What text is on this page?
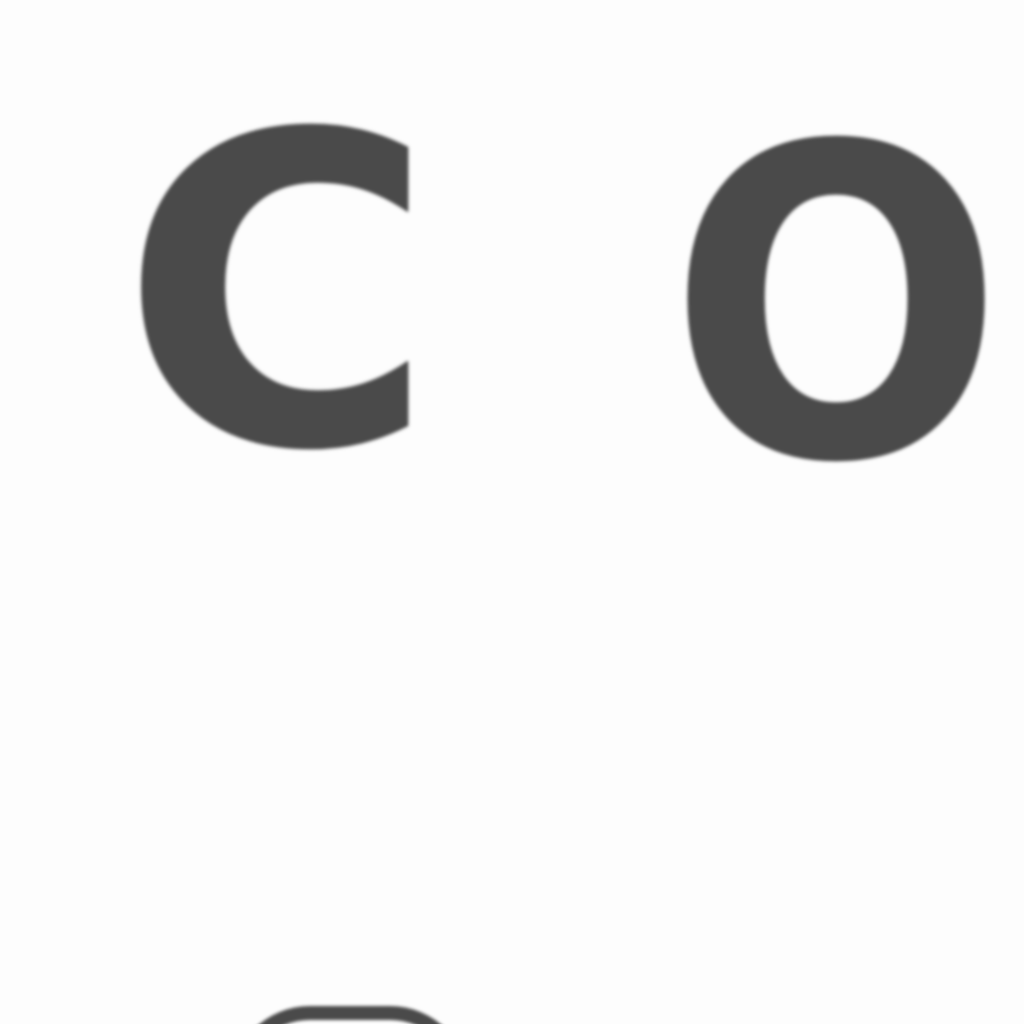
C O
